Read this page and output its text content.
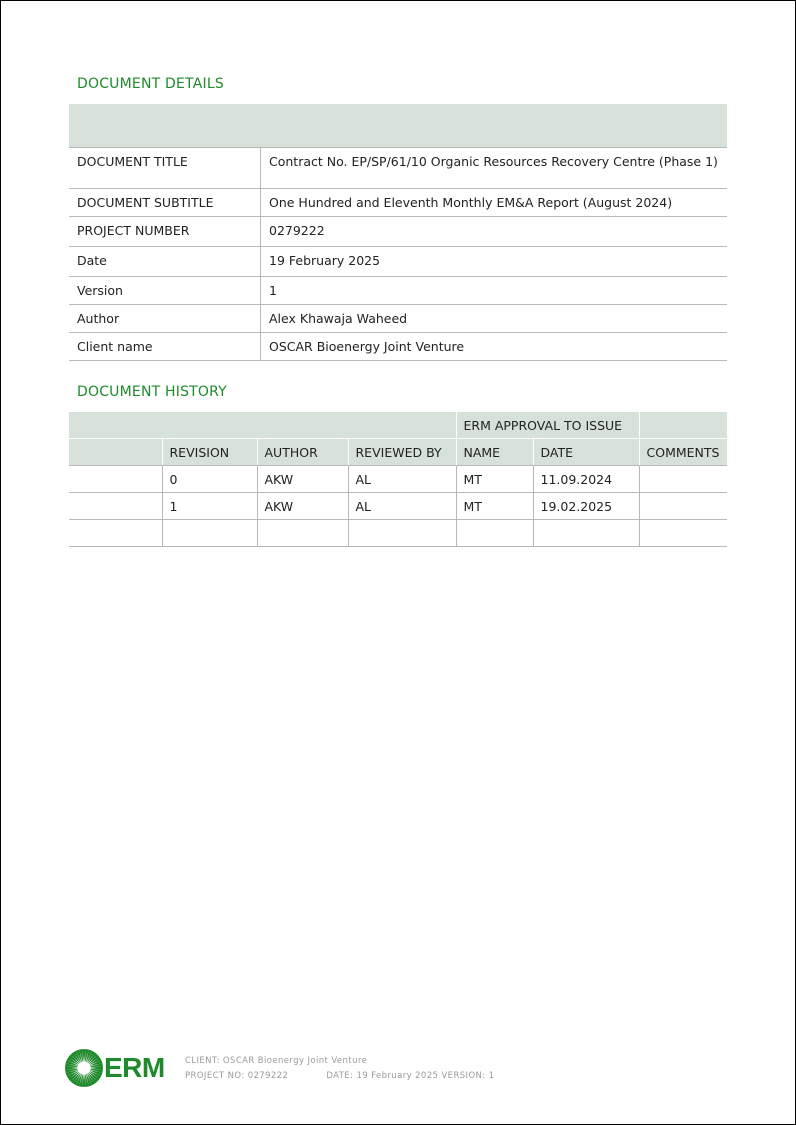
DOCUMENT DETAILS

DOCUMENT TITLE	Contract No. EP/SP/61/10 Organic Resources Recovery Centre (Phase 1)
DOCUMENT SUBTITLE	One Hundred and Eleventh Monthly EM&A Report (August 2024)
PROJECT NUMBER	0279222
Date	19 February 2025
Version	1
Author	Alex Khawaja Waheed
Client name	OSCAR Bioenergy Joint Venture
DOCUMENT HISTORY
				ERM APPROVAL TO ISSUE		
	REVISION	AUTHOR	REVIEWED BY	NAME	DATE	COMMENTS
	0	AKW	AL	MT	11.09.2024	
	1	AKW	AL	MT	19.02.2025	

ERM CLIENT: OSCAR Bioenergy Joint Venture
PROJECT NO: 0279222	DATE: 19 February 2025 VERSION: 1
